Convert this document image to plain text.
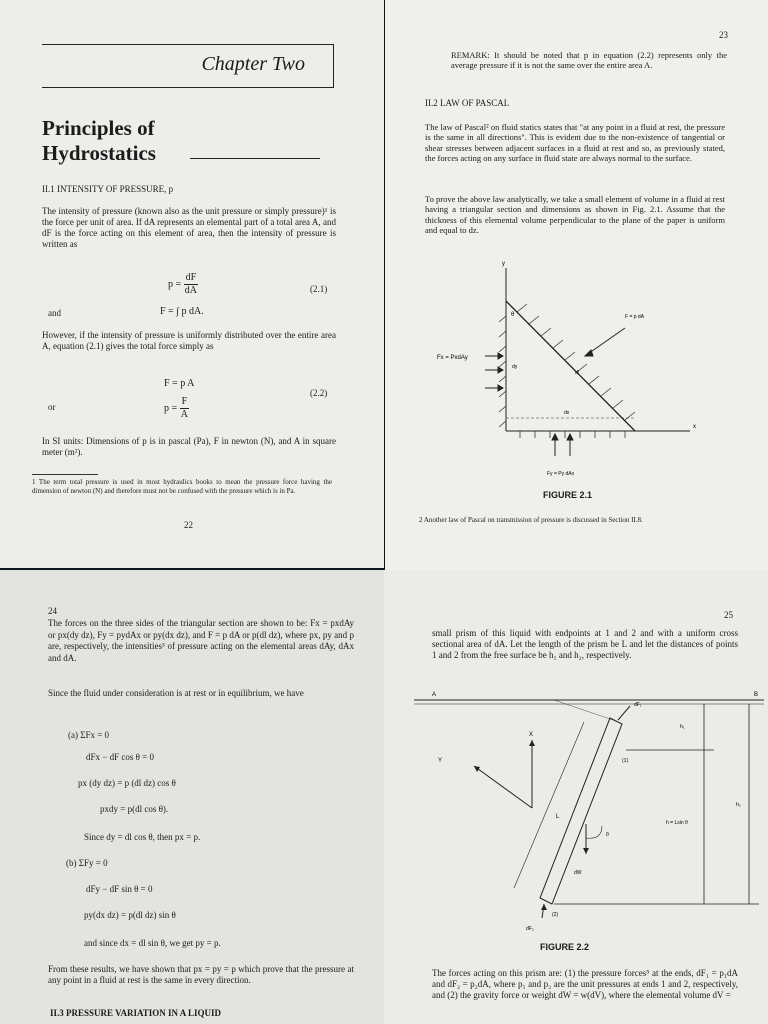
Chapter Two
Principles of
Hydrostatics
II.1 INTENSITY OF PRESSURE, p
The intensity of pressure (known also as the unit pressure or simply pressure)¹ is the force per unit of area. If dA represents an elemental part of a total area A, and dF is the force acting on this element of area, then the intensity of pressure is written as
$p = \frac{dF}{dA}$	(2.1)
and	F = ∫ p dA.
However, if the intensity of pressure is uniformly distributed over the entire area A, equation (2.1) gives the total force simply as
F = p A
(2.2)
or	$p = \frac{F}{A}$
In SI units: Dimensions of p is in pascal (Pa), F in newton (N), and A in square meter (m²).
1 The term total pressure is used in most hydraulics books to mean the pressure force having the dimension of newton (N) and therefore must not be confused with the pressure which is in Pa.
22
23
REMARK: It should be noted that p in equation (2.2) represents only the average pressure if it is not the same over the entire area A.
II.2 LAW OF PASCAL
The law of Pascal² on fluid statics states that "at any point in a fluid at rest, the pressure is the same in all directions". This is evident due to the non-existence of tangential or shear stresses between adjacent surfaces in a fluid at rest and so, as previously stated, the forces acting on any surface in fluid state are always normal to the surface.
To prove the above law analytically, we take a small element of volume in a fluid at rest having a triangular section and dimensions as shown in Fig. 2.1. Assume that the thickness of this elemental volume perpendicular to the plane of the paper is uniform and equal to dz.
y
x
Fx = PxdAy
F = p dA
Fy = Py dAx
dl
dy
dx
θ
FIGURE 2.1
2 Another law of Pascal on transmission of pressure is discussed in Section II.8.
24
The forces on the three sides of the triangular section are shown to be: Fx = pxdAy or px(dy dz), Fy = pydAx or py(dx dz), and F = p dA or p(dl dz), where px, py and p are, respectively, the intensities³ of pressure acting on the elemental areas dAy, dAx and dA.
Since the fluid under consideration is at rest or in equilibrium, we have
(a) ΣFx = 0
dFx − dF cos θ = 0
px (dy dz) = p (dl dz) cos θ
pxdy = p(dl cos θ).
Since dy = dl cos θ, then px = p.
(b) ΣFy = 0
dFy − dF sin θ = 0
py(dx dz) = p(dl dz) sin θ
and since dx = dl sin θ, we get py = p.
From these results, we have shown that px = py = p which prove that the pressure at any point in a fluid at rest is the same in every direction.
II.3 PRESSURE VARIATION IN A LIQUID
25
small prism of this liquid with endpoints at 1 and 2 and with a uniform cross sectional area of dA. Let the length of the prism be L and let the distances of points 1 and 2 from the free surface be h₁ and h₂, respectively.
A	B
X
Y
dF₁
h₁
h₂
(1)
(2)
L
h = Lsin θ
θ
dW
dF₂
FIGURE 2.2
The forces acting on this prism are: (1) the pressure forces⁵ at the ends, dF₁ = p₁dA and dF₂ = p₂dA, where p₁ and p₂ are the unit pressures at ends 1 and 2, respectively, and (2) the gravity force or weight dW = w(dV), where the elemental volume dV =
